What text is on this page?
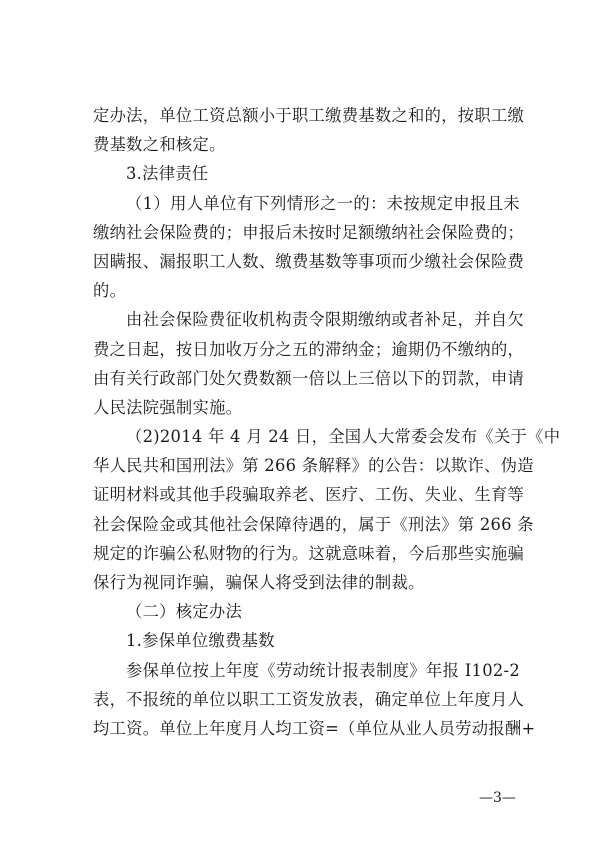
定办法，单位工资总额小于职工缴费基数之和的，按职工缴
费基数之和核定。
3.法律责任
（1）用人单位有下列情形之一的：未按规定申报且未
缴纳社会保险费的；申报后未按时足额缴纳社会保险费的；
因瞒报、漏报职工人数、缴费基数等事项而少缴社会保险费
的。
由社会保险费征收机构责令限期缴纳或者补足，并自欠
费之日起，按日加收万分之五的滞纳金；逾期仍不缴纳的，
由有关行政部门处欠费数额一倍以上三倍以下的罚款，申请
人民法院强制实施。
（2)2014 年 4 月 24 日，全国人大常委会发布《关于《中
华人民共和国刑法》第 266 条解释》的公告：以欺诈、伪造
证明材料或其他手段骗取养老、医疗、工伤、失业、生育等
社会保险金或其他社会保障待遇的，属于《刑法》第 266 条
规定的诈骗公私财物的行为。这就意味着，今后那些实施骗
保行为视同诈骗，骗保人将受到法律的制裁。
（二）核定办法
1.参保单位缴费基数
参保单位按上年度《劳动统计报表制度》年报 I102-2
表，不报统的单位以职工工资发放表，确定单位上年度月人
均工资。单位上年度月人均工资=（单位从业人员劳动报酬+
—3—
